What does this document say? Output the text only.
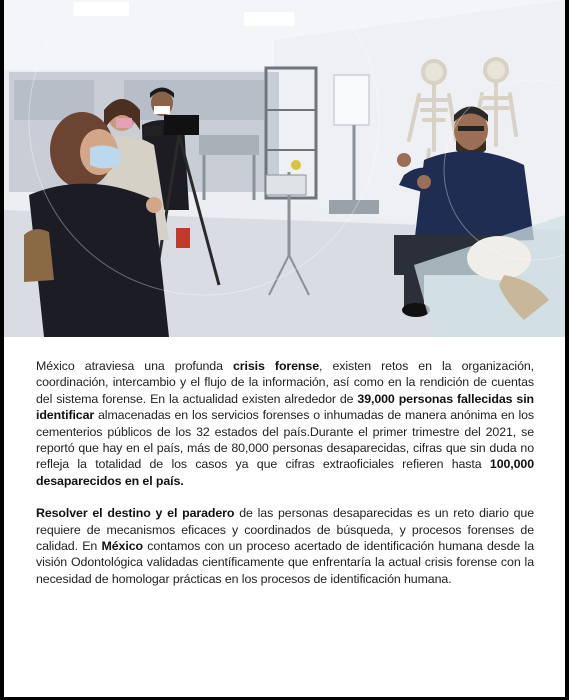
México atraviesa una profunda crisis forense, existen retos en la organización, coordinación, intercambio y el flujo de la información, así como en la rendición de cuentas del sistema forense. En la actualidad existen alrededor de 39,000 personas fallecidas sin identificar almacenadas en los servicios forenses o inhumadas de manera anónima en los cementerios públicos de los 32 estados del país.Durante el primer trimestre del 2021, se reportó que hay en el país, más de 80,000 personas desaparecidas, cifras que sin duda no refleja la totalidad de los casos ya que cifras extraoficiales refieren hasta 100,000 desaparecidos en el país.

Resolver el destino y el paradero de las personas desaparecidas es un reto diario que requiere de mecanismos eficaces y coordinados de búsqueda, y procesos forenses de calidad. En México contamos con un proceso acertado de identificación humana desde la visión Odontológica validadas científicamente que enfrentaría la actual crisis forense con la necesidad de homologar prácticas en los procesos de identificación humana.
